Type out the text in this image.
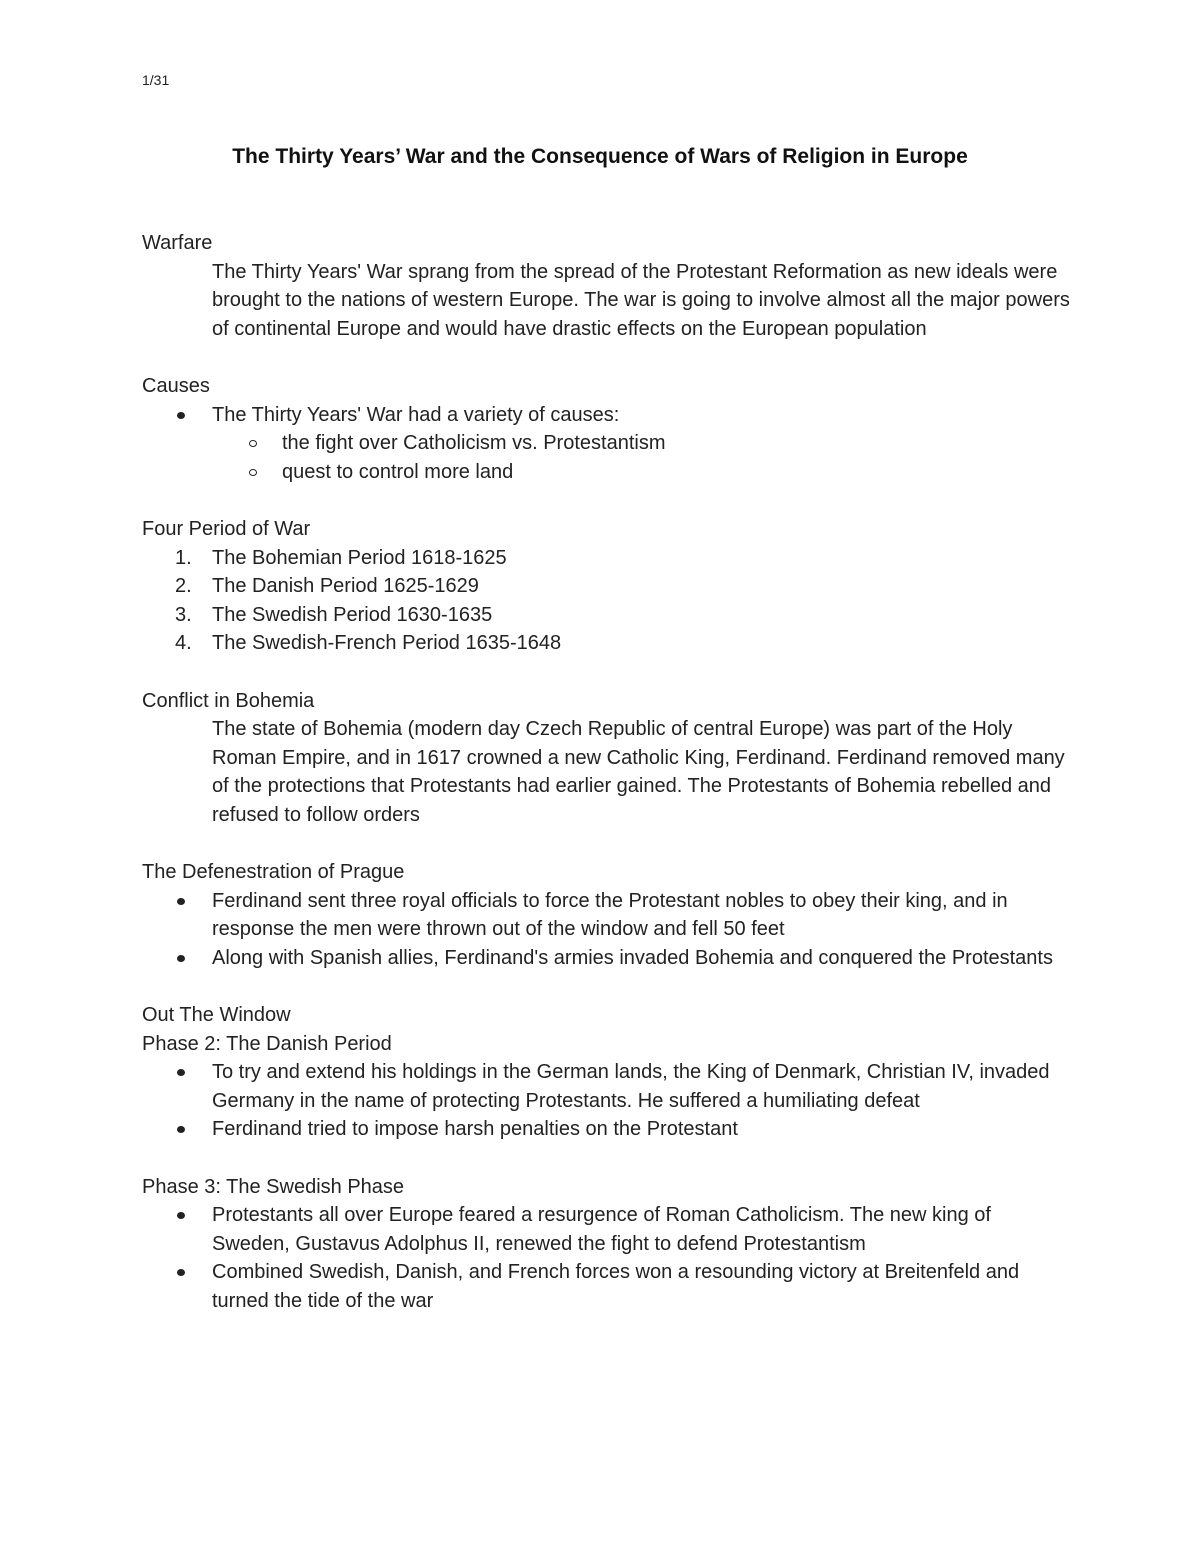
1/31
The Thirty Years’ War and the Consequence of Wars of Religion in Europe
Warfare

The Thirty Years' War sprang from the spread of the Protestant Reformation as new ideals were brought to the nations of western Europe. The war is going to involve almost all the major powers of continental Europe and would have drastic effects on the European population

Causes
The Thirty Years' War had a variety of causes:
the fight over Catholicism vs. Protestantism
quest to control more land
Four Period of War
1. The Bohemian Period 1618-1625
2. The Danish Period 1625-1629
3. The Swedish Period 1630-1635
4. The Swedish-French Period 1635-1648
Conflict in Bohemia

The state of Bohemia (modern day Czech Republic of central Europe) was part of the Holy Roman Empire, and in 1617 crowned a new Catholic King, Ferdinand. Ferdinand removed many of the protections that Protestants had earlier gained. The Protestants of Bohemia rebelled and refused to follow orders

The Defenestration of Prague
Ferdinand sent three royal officials to force the Protestant nobles to obey their king, and in response the men were thrown out of the window and fell 50 feet
Along with Spanish allies, Ferdinand's armies invaded Bohemia and conquered the Protestants
Out The Window
Phase 2: The Danish Period
To try and extend his holdings in the German lands, the King of Denmark, Christian IV, invaded Germany in the name of protecting Protestants. He suffered a humiliating defeat
Ferdinand tried to impose harsh penalties on the Protestant
Phase 3: The Swedish Phase
Protestants all over Europe feared a resurgence of Roman Catholicism. The new king of Sweden, Gustavus Adolphus II, renewed the fight to defend Protestantism
Combined Swedish, Danish, and French forces won a resounding victory at Breitenfeld and turned the tide of the war
